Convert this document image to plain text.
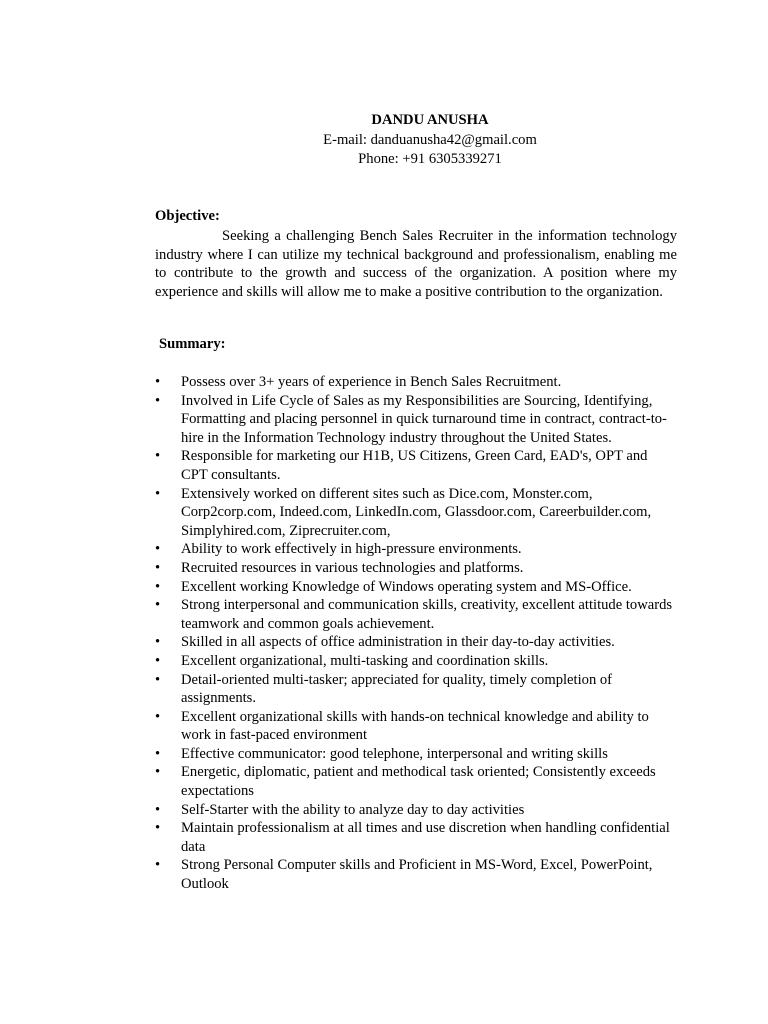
DANDU ANUSHA
E-mail: danduanusha42@gmail.com
Phone: +91 6305339271
Objective:

Seeking a challenging Bench Sales Recruiter in the information technology industry where I can utilize my technical background and professionalism, enabling me to contribute to the growth and success of the organization. A position where my experience and skills will allow me to make a positive contribution to the organization.

Summary:
• Possess over 3+ years of experience in Bench Sales Recruitment.
• Involved in Life Cycle of Sales as my Responsibilities are Sourcing, Identifying, Formatting and placing personnel in quick turnaround time in contract, contract-to-hire in the Information Technology industry throughout the United States.
• Responsible for marketing our H1B, US Citizens, Green Card, EAD's, OPT and CPT consultants.
• Extensively worked on different sites such as Dice.com, Monster.com, Corp2corp.com, Indeed.com, LinkedIn.com, Glassdoor.com, Careerbuilder.com, Simplyhired.com, Ziprecruiter.com,
• Ability to work effectively in high-pressure environments.
• Recruited resources in various technologies and platforms.
• Excellent working Knowledge of Windows operating system and MS-Office.
• Strong interpersonal and communication skills, creativity, excellent attitude towards teamwork and common goals achievement.
• Skilled in all aspects of office administration in their day-to-day activities.
• Excellent organizational, multi-tasking and coordination skills.
• Detail-oriented multi-tasker; appreciated for quality, timely completion of assignments.
• Excellent organizational skills with hands-on technical knowledge and ability to work in fast-paced environment
• Effective communicator: good telephone, interpersonal and writing skills
• Energetic, diplomatic, patient and methodical task oriented; Consistently exceeds expectations
• Self-Starter with the ability to analyze day to day activities
• Maintain professionalism at all times and use discretion when handling confidential data
• Strong Personal Computer skills and Proficient in MS-Word, Excel, PowerPoint, Outlook
